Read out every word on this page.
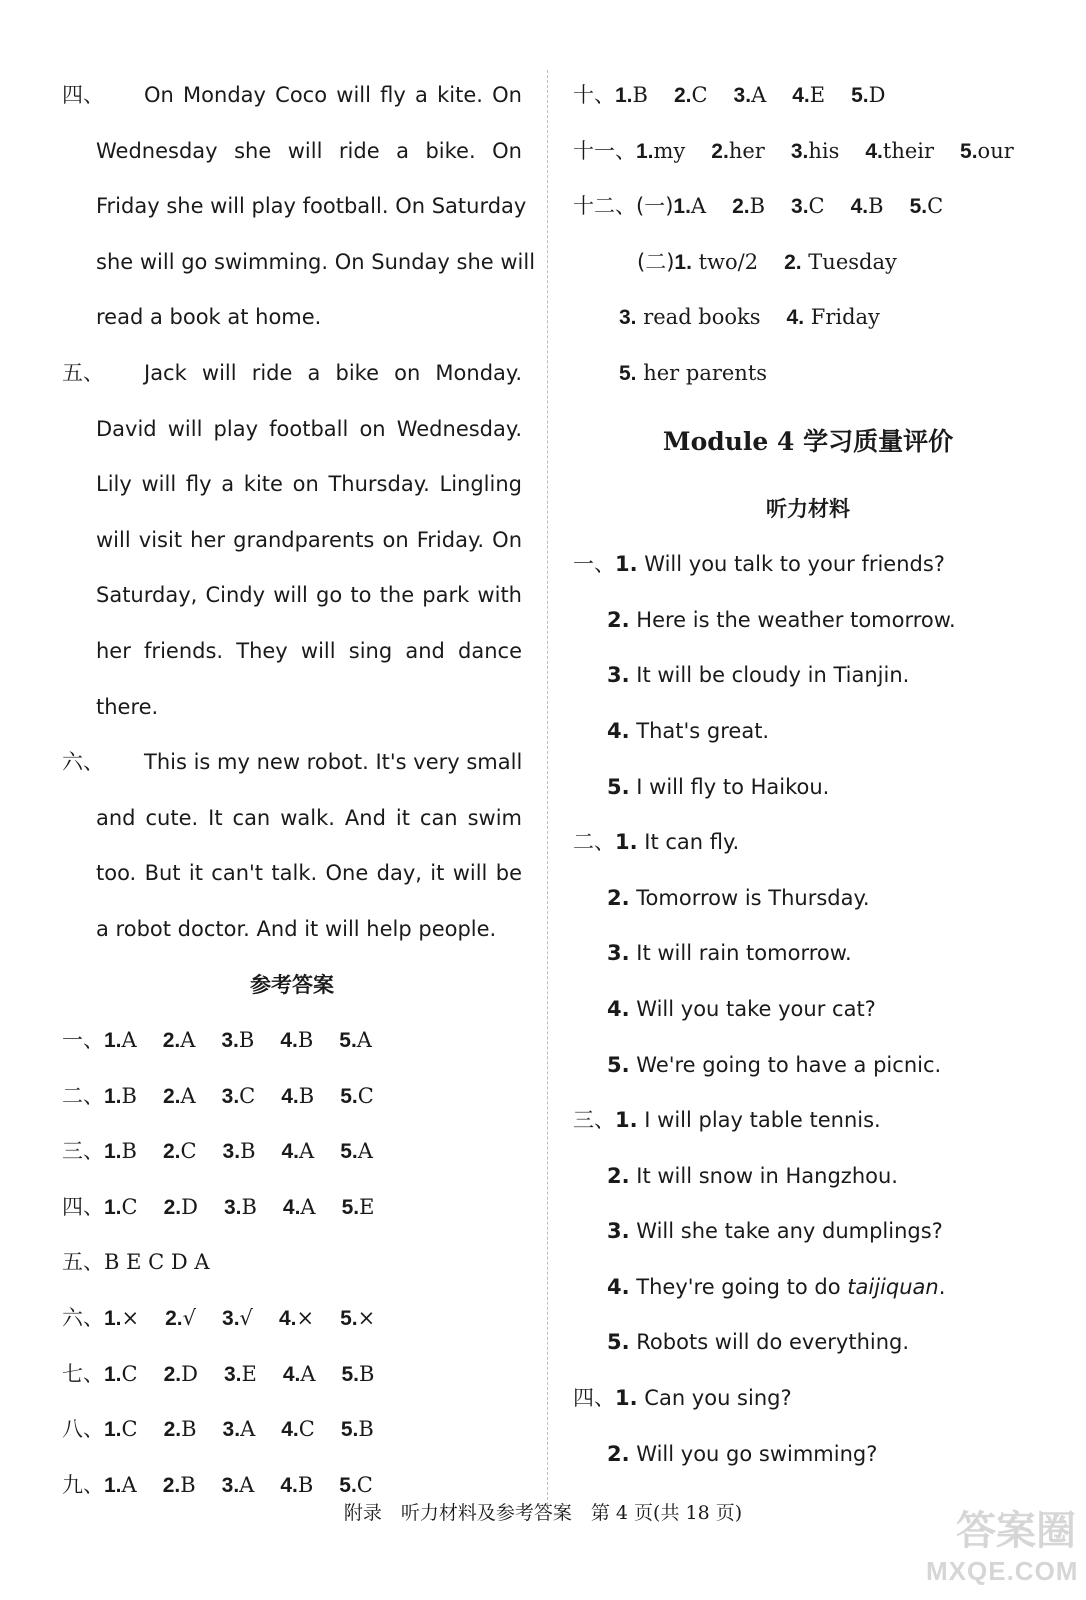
四、	On Monday Coco will fly a kite. On
Wednesday she will ride a bike. On
Friday she will play football. On Saturday
she will go swimming. On Sunday she will
read a book at home.
五、	Jack will ride a bike on Monday.
David will play football on Wednesday.
Lily will fly a kite on Thursday. Lingling
will visit her grandparents on Friday. On
Saturday, Cindy will go to the park with
her friends. They will sing and dance
there.
六、	This is my new robot. It's very small
and cute. It can walk. And it can swim
too. But it can't talk. One day, it will be
a robot doctor. And it will help people.
参考答案
一、1.A 2.A 3.B 4.B 5.A
二、1.B 2.A 3.C 4.B 5.C
三、1.B 2.C 3.B 4.A 5.A
四、1.C 2.D 3.B 4.A 5.E
五、B E C D A
六、1.× 2.√ 3.√ 4.× 5.×
七、1.C 2.D 3.E 4.A 5.B
八、1.C 2.B 3.A 4.C 5.B
九、1.A 2.B 3.A 4.B 5.C
十、1.B 2.C 3.A 4.E 5.D
十一、1.my 2.her 3.his 4.their 5.our
十二、(一)1.A 2.B 3.C 4.B 5.C
(二)1. two/2 2. Tuesday
3. read books 4. Friday
5. her parents
Module 4 学习质量评价
听力材料
一、1. Will you talk to your friends?
2. Here is the weather tomorrow.
3. It will be cloudy in Tianjin.
4. That's great.
5. I will fly to Haikou.
二、1. It can fly.
2. Tomorrow is Thursday.
3. It will rain tomorrow.
4. Will you take your cat?
5. We're going to have a picnic.
三、1. I will play table tennis.
2. It will snow in Hangzhou.
3. Will she take any dumplings?
4. They're going to do taijiquan.
5. Robots will do everything.
四、1. Can you sing?
2. Will you go swimming?
附录　听力材料及参考答案　第 4 页(共 18 页)	答案圈
MXQE.COM
